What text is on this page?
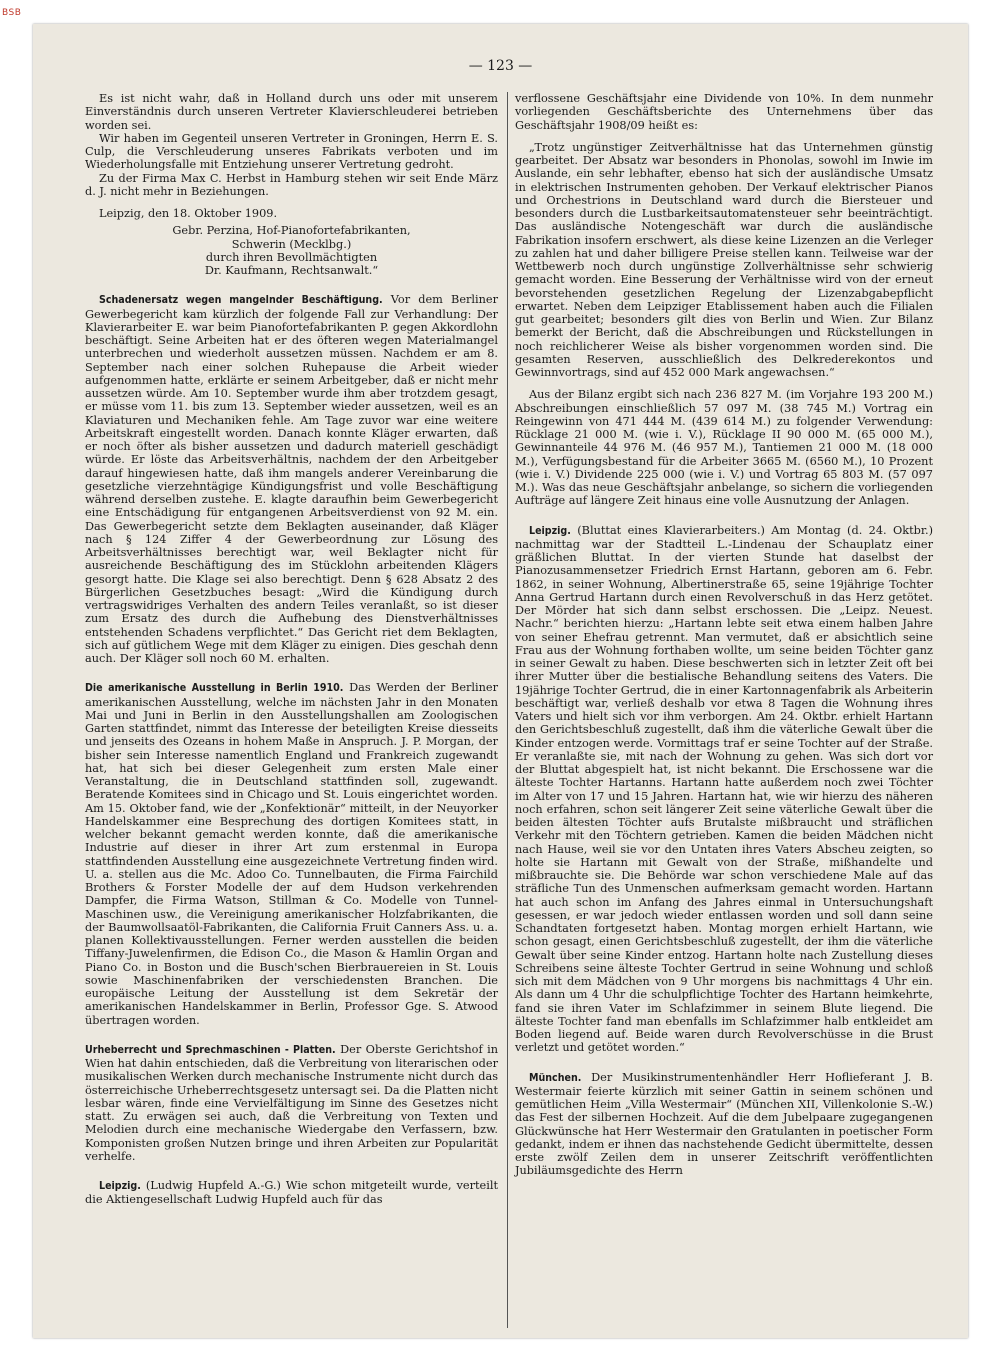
BSB
— 123 —

Es ist nicht wahr, daß in Holland durch uns oder mit unserem Einverständnis durch unseren Vertreter Klavierschleuderei betrieben worden sei.

Wir haben im Gegenteil unseren Vertreter in Groningen, Herrn E. S. Culp, die Verschleuderung unseres Fabrikats verboten und im Wiederholungsfalle mit Entziehung unserer Vertretung gedroht.

Zu der Firma Max C. Herbst in Hamburg stehen wir seit Ende März d. J. nicht mehr in Beziehungen.

Leipzig, den 18. Oktober 1909.

Gebr. Perzina, Hof-Pianofortefabrikanten,

Schwerin (Mecklbg.)

durch ihren Bevollmächtigten

Dr. Kaufmann, Rechtsanwalt.“

Schadenersatz wegen mangelnder Beschäftigung. Vor dem Berliner Gewerbegericht kam kürzlich der folgende Fall zur Verhandlung: Der Klavierarbeiter E. war beim Pianofortefabrikanten P. gegen Akkordlohn beschäftigt. Seine Arbeiten hat er des öfteren wegen Materialmangel unterbrechen und wiederholt aussetzen müssen. Nachdem er am 8. September nach einer solchen Ruhepause die Arbeit wieder aufgenommen hatte, erklärte er seinem Arbeitgeber, daß er nicht mehr aussetzen würde. Am 10. September wurde ihm aber trotzdem gesagt, er müsse vom 11. bis zum 13. September wieder aussetzen, weil es an Klaviaturen und Mechaniken fehle. Am Tage zuvor war eine weitere Arbeitskraft eingestellt worden. Danach konnte Kläger erwarten, daß er noch öfter als bisher aussetzen und dadurch materiell geschädigt würde. Er löste das Arbeitsverhältnis, nachdem der den Arbeitgeber darauf hingewiesen hatte, daß ihm mangels anderer Vereinbarung die gesetzliche vierzehntägige Kündigungsfrist und volle Beschäftigung während derselben zustehe. E. klagte daraufhin beim Gewerbegericht eine Entschädigung für entgangenen Arbeitsverdienst von 92 M. ein. Das Gewerbegericht setzte dem Beklagten auseinander, daß Kläger nach § 124 Ziffer 4 der Gewerbeordnung zur Lösung des Arbeitsverhältnisses berechtigt war, weil Beklagter nicht für ausreichende Beschäftigung des im Stücklohn arbeitenden Klägers gesorgt hatte. Die Klage sei also berechtigt. Denn § 628 Absatz 2 des Bürgerlichen Gesetzbuches besagt: „Wird die Kündigung durch vertragswidriges Verhalten des andern Teiles veranlaßt, so ist dieser zum Ersatz des durch die Aufhebung des Dienstverhältnisses entstehenden Schadens verpflichtet.“ Das Gericht riet dem Beklagten, sich auf gütlichem Wege mit dem Kläger zu einigen. Dies geschah denn auch. Der Kläger soll noch 60 M. erhalten.

Die amerikanische Ausstellung in Berlin 1910. Das Werden der Berliner amerikanischen Ausstellung, welche im nächsten Jahr in den Monaten Mai und Juni in Berlin in den Ausstellungshallen am Zoologischen Garten stattfindet, nimmt das Interesse der beteiligten Kreise diesseits und jenseits des Ozeans in hohem Maße in Anspruch. J. P. Morgan, der bisher sein Interesse namentlich England und Frankreich zugewandt hat, hat sich bei dieser Gelegenheit zum ersten Male einer Veranstaltung, die in Deutschland stattfinden soll, zugewandt. Beratende Komitees sind in Chicago und St. Louis eingerichtet worden. Am 15. Oktober fand, wie der „Konfektionär“ mitteilt, in der Neuyorker Handelskammer eine Besprechung des dortigen Komitees statt, in welcher bekannt gemacht werden konnte, daß die amerikanische Industrie auf dieser in ihrer Art zum erstenmal in Europa stattfindenden Ausstellung eine ausgezeichnete Vertretung finden wird. U. a. stellen aus die Mc. Adoo Co. Tunnelbauten, die Firma Fairchild Brothers & Forster Modelle der auf dem Hudson verkehrenden Dampfer, die Firma Watson, Stillman & Co. Modelle von Tunnel-Maschinen usw., die Vereinigung amerikanischer Holzfabrikanten, die der Baumwollsaatöl-Fabrikanten, die California Fruit Canners Ass. u. a. planen Kollektivausstellungen. Ferner werden ausstellen die beiden Tiffany-Juwelenfirmen, die Edison Co., die Mason & Hamlin Organ and Piano Co. in Boston und die Busch'schen Bierbrauereien in St. Louis sowie Maschinenfabriken der verschiedensten Branchen. Die europäische Leitung der Ausstellung ist dem Sekretär der amerikanischen Handelskammer in Berlin, Professor Gge. S. Atwood übertragen worden.

Urheberrecht und Sprechmaschinen - Platten. Der Oberste Gerichtshof in Wien hat dahin entschieden, daß die Verbreitung von literarischen oder musikalischen Werken durch mechanische Instrumente nicht durch das österreichische Urheberrechtsgesetz untersagt sei. Da die Platten nicht lesbar wären, finde eine Vervielfältigung im Sinne des Gesetzes nicht statt. Zu erwägen sei auch, daß die Verbreitung von Texten und Melodien durch eine mechanische Wiedergabe den Verfassern, bzw. Komponisten großen Nutzen bringe und ihren Arbeiten zur Popularität verhelfe.

Leipzig. (Ludwig Hupfeld A.-G.) Wie schon mitgeteilt wurde, verteilt die Aktiengesellschaft Ludwig Hupfeld auch für das

verflossene Geschäftsjahr eine Dividende von 10%. In dem nunmehr vorliegenden Geschäftsberichte des Unternehmens über das Geschäftsjahr 1908/09 heißt es:

„Trotz ungünstiger Zeitverhältnisse hat das Unternehmen günstig gearbeitet. Der Absatz war besonders in Phonolas, sowohl im Inwie im Auslande, ein sehr lebhafter, ebenso hat sich der ausländische Umsatz in elektrischen Instrumenten gehoben. Der Verkauf elektrischer Pianos und Orchestrions in Deutschland ward durch die Biersteuer und besonders durch die Lustbarkeitsautomatensteuer sehr beeinträchtigt. Das ausländische Notengeschäft war durch die ausländische Fabrikation insofern erschwert, als diese keine Lizenzen an die Verleger zu zahlen hat und daher billigere Preise stellen kann. Teilweise war der Wettbewerb noch durch ungünstige Zollverhältnisse sehr schwierig gemacht worden. Eine Besserung der Verhältnisse wird von der erneut bevorstehenden gesetzlichen Regelung der Lizenzabgabepflicht erwartet. Neben dem Leipziger Etablissement haben auch die Filialen gut gearbeitet; besonders gilt dies von Berlin und Wien. Zur Bilanz bemerkt der Bericht, daß die Abschreibungen und Rückstellungen in noch reichlicherer Weise als bisher vorgenommen worden sind. Die gesamten Reserven, ausschließlich des Delkrederekontos und Gewinnvortrags, sind auf 452 000 Mark angewachsen.“

Aus der Bilanz ergibt sich nach 236 827 M. (im Vorjahre 193 200 M.) Abschreibungen einschließlich 57 097 M. (38 745 M.) Vortrag ein Reingewinn von 471 444 M. (439 614 M.) zu folgender Verwendung: Rücklage 21 000 M. (wie i. V.), Rücklage II 90 000 M. (65 000 M.), Gewinnanteile 44 976 M. (46 957 M.), Tantiemen 21 000 M. (18 000 M.), Verfügungsbestand für die Arbeiter 3665 M. (6560 M.), 10 Prozent (wie i. V.) Dividende 225 000 (wie i. V.) und Vortrag 65 803 M. (57 097 M.). Was das neue Geschäftsjahr anbelange, so sichern die vorliegenden Aufträge auf längere Zeit hinaus eine volle Ausnutzung der Anlagen.

Leipzig. (Bluttat eines Klavierarbeiters.) Am Montag (d. 24. Oktbr.) nachmittag war der Stadtteil L.-Lindenau der Schauplatz einer gräßlichen Bluttat. In der vierten Stunde hat daselbst der Pianozusammensetzer Friedrich Ernst Hartann, geboren am 6. Febr. 1862, in seiner Wohnung, Albertinerstraße 65, seine 19jährige Tochter Anna Gertrud Hartann durch einen Revolverschuß in das Herz getötet. Der Mörder hat sich dann selbst erschossen. Die „Leipz. Neuest. Nachr.“ berichten hierzu: „Hartann lebte seit etwa einem halben Jahre von seiner Ehefrau getrennt. Man vermutet, daß er absichtlich seine Frau aus der Wohnung forthaben wollte, um seine beiden Töchter ganz in seiner Gewalt zu haben. Diese beschwerten sich in letzter Zeit oft bei ihrer Mutter über die bestialische Behandlung seitens des Vaters. Die 19jährige Tochter Gertrud, die in einer Kartonnagenfabrik als Arbeiterin beschäftigt war, verließ deshalb vor etwa 8 Tagen die Wohnung ihres Vaters und hielt sich vor ihm verborgen. Am 24. Oktbr. erhielt Hartann den Gerichtsbeschluß zugestellt, daß ihm die väterliche Gewalt über die Kinder entzogen werde. Vormittags traf er seine Tochter auf der Straße. Er veranlaßte sie, mit nach der Wohnung zu gehen. Was sich dort vor der Bluttat abgespielt hat, ist nicht bekannt. Die Erschossene war die älteste Tochter Hartanns. Hartann hatte außerdem noch zwei Töchter im Alter von 17 und 15 Jahren. Hartann hat, wie wir hierzu des näheren noch erfahren, schon seit längerer Zeit seine väterliche Gewalt über die beiden ältesten Töchter aufs Brutalste mißbraucht und sträflichen Verkehr mit den Töchtern getrieben. Kamen die beiden Mädchen nicht nach Hause, weil sie vor den Untaten ihres Vaters Abscheu zeigten, so holte sie Hartann mit Gewalt von der Straße, mißhandelte und mißbrauchte sie. Die Behörde war schon verschiedene Male auf das sträfliche Tun des Unmenschen aufmerksam gemacht worden. Hartann hat auch schon im Anfang des Jahres einmal in Untersuchungshaft gesessen, er war jedoch wieder entlassen worden und soll dann seine Schandtaten fortgesetzt haben. Montag morgen erhielt Hartann, wie schon gesagt, einen Gerichtsbeschluß zugestellt, der ihm die väterliche Gewalt über seine Kinder entzog. Hartann holte nach Zustellung dieses Schreibens seine älteste Tochter Gertrud in seine Wohnung und schloß sich mit dem Mädchen von 9 Uhr morgens bis nachmittags 4 Uhr ein. Als dann um 4 Uhr die schulpflichtige Tochter des Hartann heimkehrte, fand sie ihren Vater im Schlafzimmer in seinem Blute liegend. Die älteste Tochter fand man ebenfalls im Schlafzimmer halb entkleidet am Boden liegend auf. Beide waren durch Revolverschüsse in die Brust verletzt und getötet worden.“

München. Der Musikinstrumentenhändler Herr Hoflieferant J. B. Westermair feierte kürzlich mit seiner Gattin in seinem schönen und gemütlichen Heim „Villa Westermair“ (München XII, Villenkolonie S.-W.) das Fest der silbernen Hochzeit. Auf die dem Jubelpaare zugegangenen Glückwünsche hat Herr Westermair den Gratulanten in poetischer Form gedankt, indem er ihnen das nachstehende Gedicht übermittelte, dessen erste zwölf Zeilen dem in unserer Zeitschrift veröffentlichten Jubiläumsgedichte des Herrn
